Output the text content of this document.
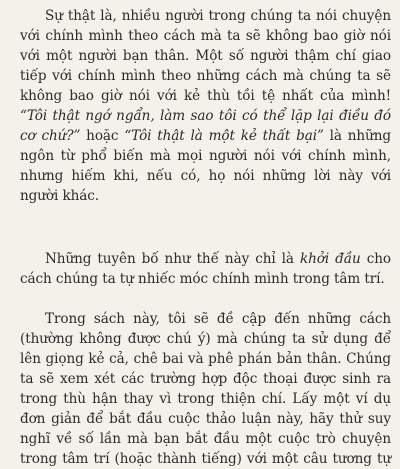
Sự thật là, nhiều người trong chúng ta nói chuyện
với chính mình theo cách mà ta sẽ không bao giờ nói
với một người bạn thân. Một số người thậm chí giao
tiếp với chính mình theo những cách mà chúng ta sẽ
không bao giờ nói với kẻ thù tồi tệ nhất của mình!
“Tôi thật ngớ ngẩn, làm sao tôi có thể lặp lại điều đó
cơ chứ?” hoặc “Tôi thật là một kẻ thất bại” là những
ngôn từ phổ biến mà mọi người nói với chính mình,
nhưng hiếm khi, nếu có, họ nói những lời này với
người khác.
Những tuyên bố như thế này chỉ là khởi đầu cho
cách chúng ta tự nhiếc móc chính mình trong tâm trí.
Trong sách này, tôi sẽ đề cập đến những cách
(thường không được chú ý) mà chúng ta sử dụng để
lên giọng kẻ cả, chê bai và phê phán bản thân. Chúng
ta sẽ xem xét các trường hợp độc thoại được sinh ra
trong thù hận thay vì trong thiện chí. Lấy một ví dụ
đơn giản để bắt đầu cuộc thảo luận này, hãy thử suy
nghĩ về số lần mà bạn bắt đầu một cuộc trò chuyện
trong tâm trí (hoặc thành tiếng) với một câu tương tự
